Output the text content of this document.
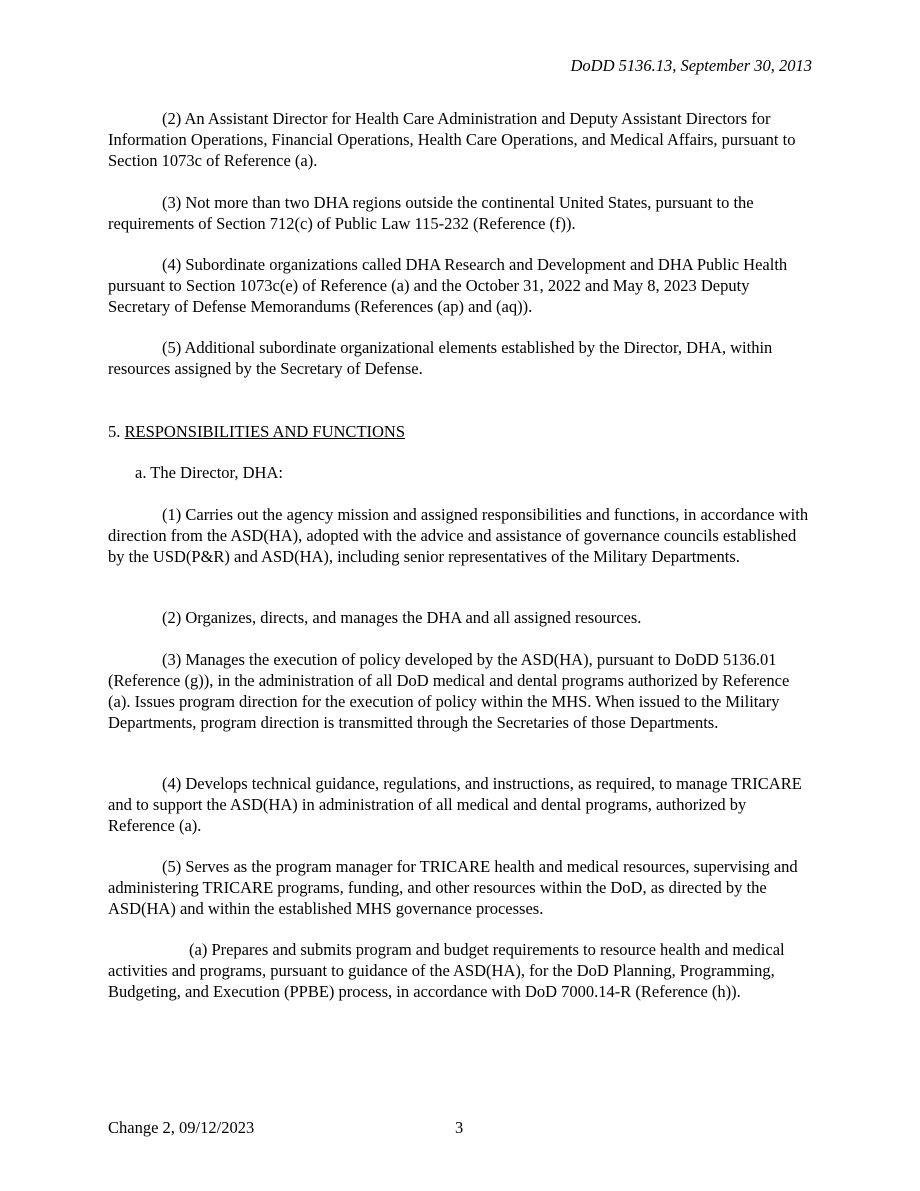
DoDD 5136.13, September 30, 2013

(2) An Assistant Director for Health Care Administration and Deputy Assistant Directors for Information Operations, Financial Operations, Health Care Operations, and Medical Affairs, pursuant to Section 1073c of Reference (a).

(3) Not more than two DHA regions outside the continental United States, pursuant to the requirements of Section 712(c) of Public Law 115-232 (Reference (f)).

(4) Subordinate organizations called DHA Research and Development and DHA Public Health pursuant to Section 1073c(e) of Reference (a) and the October 31, 2022 and May 8, 2023 Deputy Secretary of Defense Memorandums (References (ap) and (aq)).

(5) Additional subordinate organizational elements established by the Director, DHA, within resources assigned by the Secretary of Defense.

5. RESPONSIBILITIES AND FUNCTIONS
a. The Director, DHA:

(1) Carries out the agency mission and assigned responsibilities and functions, in accordance with direction from the ASD(HA), adopted with the advice and assistance of governance councils established by the USD(P&R) and ASD(HA), including senior representatives of the Military Departments.

(2) Organizes, directs, and manages the DHA and all assigned resources.

(3) Manages the execution of policy developed by the ASD(HA), pursuant to DoDD 5136.01 (Reference (g)), in the administration of all DoD medical and dental programs authorized by Reference (a). Issues program direction for the execution of policy within the MHS. When issued to the Military Departments, program direction is transmitted through the Secretaries of those Departments.

(4) Develops technical guidance, regulations, and instructions, as required, to manage TRICARE and to support the ASD(HA) in administration of all medical and dental programs, authorized by Reference (a).

(5) Serves as the program manager for TRICARE health and medical resources, supervising and administering TRICARE programs, funding, and other resources within the DoD, as directed by the ASD(HA) and within the established MHS governance processes.

(a) Prepares and submits program and budget requirements to resource health and medical activities and programs, pursuant to guidance of the ASD(HA), for the DoD Planning, Programming, Budgeting, and Execution (PPBE) process, in accordance with DoD 7000.14-R (Reference (h)).

Change 2, 09/12/2023	3
